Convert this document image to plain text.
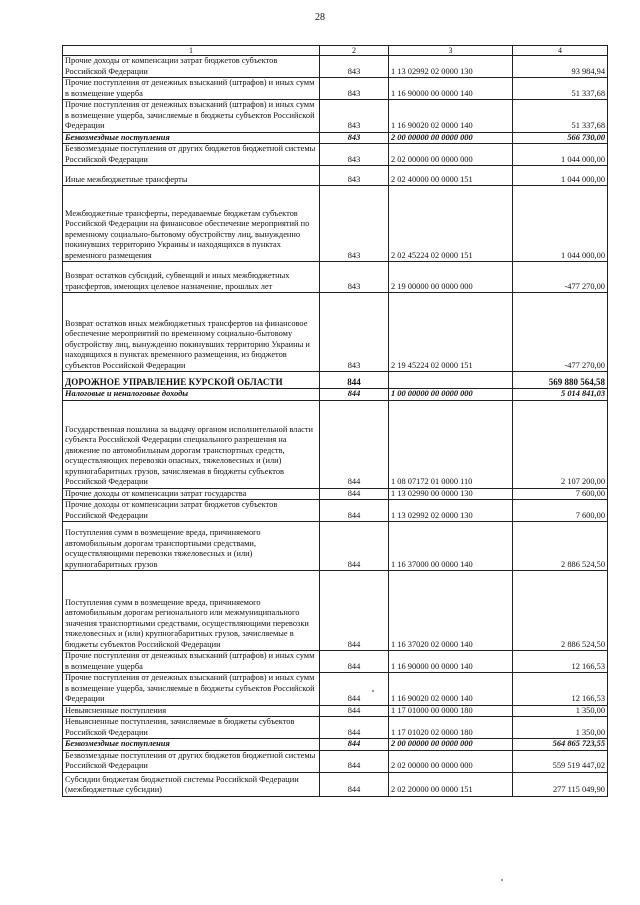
28
1	2	3	4
Прочие доходы от компенсации затрат бюджетов субъектов Российской Федерации	843	1 13 02992 02 0000 130	93 984,94
Прочие поступления от денежных взысканий (штрафов) и иных сумм в возмещение ущерба	843	1 16 90000 00 0000 140	51 337,68
Прочие поступления от денежных взысканий (штрафов) и иных сумм в возмещение ущерба, зачисляемые в бюджеты субъектов Российской Федерации	843	1 16 90020 02 0000 140	51 337,68
Безвозмездные поступления	843	2 00 00000 00 0000 000	566 730,00
Безвозмездные поступления от других бюджетов бюджетной системы Российской Федерации	843	2 02 00000 00 0000 000	1 044 000,00
Иные межбюджетные трансферты	843	2 02 40000 00 0000 151	1 044 000,00
Межбюджетные трансферты, передаваемые бюджетам субъектов Российской Федерации на финансовое обеспечение мероприятий по временному социально-бытовому обустройству лиц, вынужденно покинувших территорию Украины и находящихся в пунктах временного размещения	843	2 02 45224 02 0000 151	1 044 000,00
Возврат остатков субсидий, субвенций и иных межбюджетных трансфертов, имеющих целевое назначение, прошлых лет	843	2 19 00000 00 0000 000	-477 270,00
Возврат остатков иных межбюджетных трансфертов на финансовое обеспечение мероприятий по временному социально-бытовому обустройству лиц, вынужденно покинувших территорию Украины и находящихся в пунктах временного размещения, из бюджетов субъектов Российской Федерации	843	2 19 45224 02 0000 151	-477 270,00
ДОРОЖНОЕ УПРАВЛЕНИЕ КУРСКОЙ ОБЛАСТИ	844		569 880 564,58
Налоговые и неналоговые доходы	844	1 00 00000 00 0000 000	5 014 841,03
Государственная пошлина за выдачу органом исполнительной власти субъекта Российской Федерации специального разрешения на движение по автомобильным дорогам транспортных средств, осуществляющих перевозки опасных, тяжеловесных и (или) крупногабаритных грузов, зачисляемая в бюджеты субъектов Российской Федерации	844	1 08 07172 01 0000 110	2 107 200,00
Прочие доходы от компенсации затрат государства	844	1 13 02990 00 0000 130	7 600,00
Прочие доходы от компенсации затрат бюджетов субъектов Российской Федерации	844	1 13 02992 02 0000 130	7 600,00
Поступления сумм в возмещение вреда, причиняемого автомобильным дорогам транспортными средствами, осуществляющими перевозки тяжеловесных и (или) крупногабаритных грузов	844	1 16 37000 00 0000 140	2 886 524,50
Поступления сумм в возмещение вреда, причиняемого автомобильным дорогам регионального или межмуниципального значения транспортными средствами, осуществляющими перевозки тяжеловесных и (или) крупногабаритных грузов, зачисляемые в бюджеты субъектов Российской Федерации	844	1 16 37020 02 0000 140	2 886 524,50
Прочие поступления от денежных взысканий (штрафов) и иных сумм в возмещение ущерба	844	1 16 90000 00 0000 140	12 166,53
Прочие поступления от денежных взысканий (штрафов) и иных сумм в возмещение ущерба, зачисляемые в бюджеты субъектов Российской Федерации	844	1 16 90020 02 0000 140	12 166,53
Невыясненные поступления	844	1 17 01000 00 0000 180	1 350,00
Невыясненные поступления, зачисляемые в бюджеты субъектов Российской Федерации	844	1 17 01020 02 0000 180	1 350,00
Безвозмездные поступления	844	2 00 00000 00 0000 000	564 865 723,55
Безвозмездные поступления от других бюджетов бюджетной системы Российской Федерации	844	2 02 00000 00 0000 000	559 519 447,02
Субсидии бюджетам бюджетной системы Российской Федерации (межбюджетные субсидии)	844	2 02 20000 00 0000 151	277 115 049,90
